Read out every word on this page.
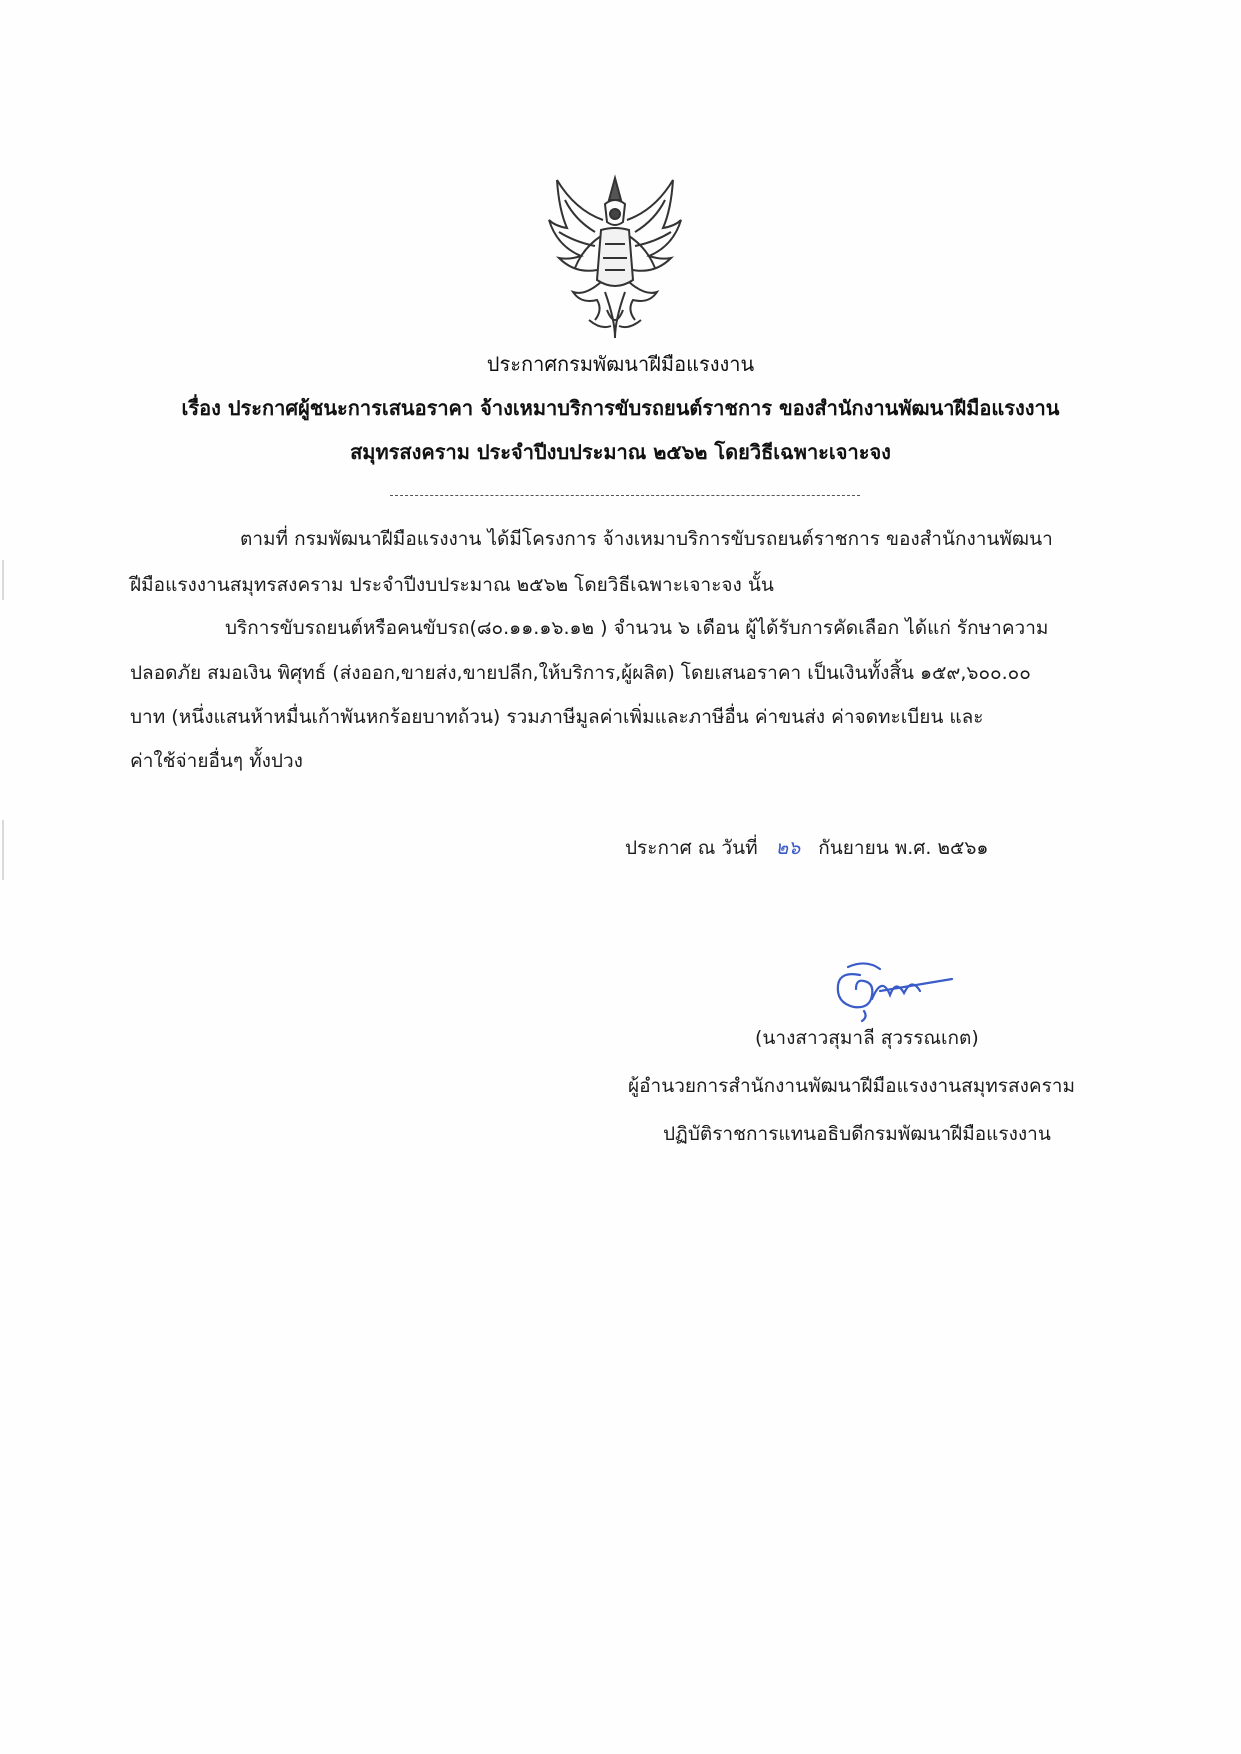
ประกาศกรมพัฒนาฝีมือแรงงาน
เรื่อง ประกาศผู้ชนะการเสนอราคา จ้างเหมาบริการขับรถยนต์ราชการ ของสำนักงานพัฒนาฝีมือแรงงาน
สมุทรสงคราม ประจำปีงบประมาณ ๒๕๖๒ โดยวิธีเฉพาะเจาะจง
ตามที่ กรมพัฒนาฝีมือแรงงาน ได้มีโครงการ จ้างเหมาบริการขับรถยนต์ราชการ ของสำนักงานพัฒนา
ฝีมือแรงงานสมุทรสงคราม ประจำปีงบประมาณ ๒๕๖๒ โดยวิธีเฉพาะเจาะจง นั้น
บริการขับรถยนต์หรือคนขับรถ(๘๐.๑๑.๑๖.๑๒ ) จำนวน ๖ เดือน ผู้ได้รับการคัดเลือก ได้แก่ รักษาความ
ปลอดภัย สมอเงิน พิศุทธ์ (ส่งออก,ขายส่ง,ขายปลีก,ให้บริการ,ผู้ผลิต) โดยเสนอราคา เป็นเงินทั้งสิ้น ๑๕๙,๖๐๐.๐๐
บาท (หนึ่งแสนห้าหมื่นเก้าพันหกร้อยบาทถ้วน) รวมภาษีมูลค่าเพิ่มและภาษีอื่น ค่าขนส่ง ค่าจดทะเบียน และ
ค่าใช้จ่ายอื่นๆ ทั้งปวง
ประกาศ ณ วันที่ ๒๖ กันยายน พ.ศ. ๒๕๖๑
(นางสาวสุมาลี สุวรรณเกต)
ผู้อำนวยการสำนักงานพัฒนาฝีมือแรงงานสมุทรสงคราม
ปฏิบัติราชการแทนอธิบดีกรมพัฒนาฝีมือแรงงาน
